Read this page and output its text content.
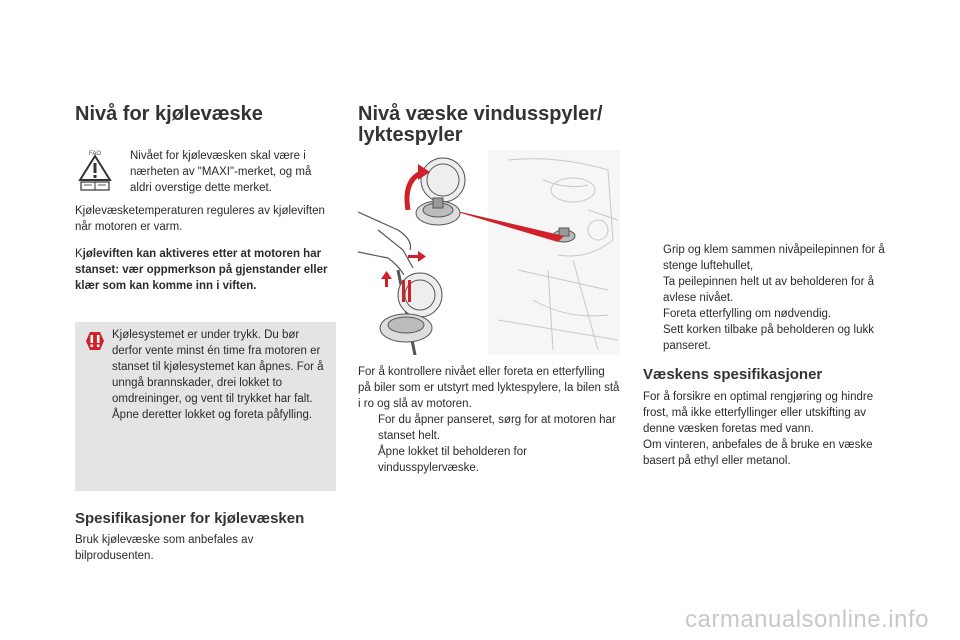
Nivå for kjølevæske
FAO	Nivået for kjølevæsken skal være i nærheten av "MAXI"-merket, og må aldri overstige dette merket.

Kjølevæsketemperaturen reguleres av kjøleviften når motoren er varm.

Kjøleviften kan aktiveres etter at motoren har stanset: vær oppmerkson på gjenstander eller klær som kan komme inn i viften.

Kjølesystemet er under trykk. Du bør derfor vente minst én time fra motoren er stanset til kjølesystemet kan åpnes. For å unngå brannskader, drei lokket to omdreininger, og vent til trykket har falt. Åpne deretter lokket og foreta påfylling.

Spesifikasjoner for kjølevæsken

Bruk kjølevæske som anbefales av bilprodusenten.

Nivå væske vindusspyler/
lyktespyler

For å kontrollere nivået eller foreta en etterfylling på biler som er utstyrt med lyktespylere, la bilen stå i ro og slå av motoren.

For du åpner panseret, sørg for at motoren har stanset helt.
Åpne lokket til beholderen for vindusspylervæske.
Grip og klem sammen nivåpeilepinnen for å stenge luftehullet,
Ta peilepinnen helt ut av beholderen for å avlese nivået.
Foreta etterfylling om nødvendig.
Sett korken tilbake på beholderen og lukk panseret.
Væskens spesifikasjoner

For å forsikre en optimal rengjøring og hindre frost, må ikke etterfyllinger eller utskifting av denne væsken foretas med vann.

Om vinteren, anbefales de å bruke en væske basert på ethyl eller metanol.

carmanualsonline.info
